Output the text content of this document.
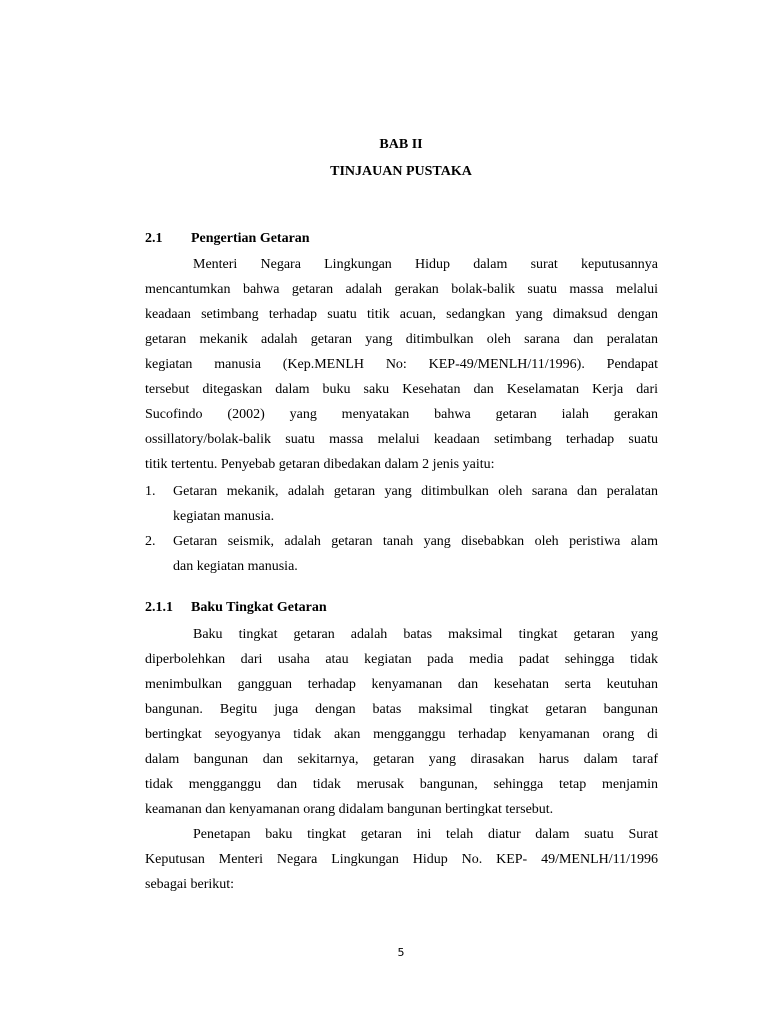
BAB II
TINJAUAN PUSTAKA
2.1 Pengertian Getaran
Menteri Negara Lingkungan Hidup dalam surat keputusannya
mencantumkan bahwa getaran adalah gerakan bolak-balik suatu massa melalui
keadaan setimbang terhadap suatu titik acuan, sedangkan yang dimaksud dengan
getaran mekanik adalah getaran yang ditimbulkan oleh sarana dan peralatan
kegiatan manusia (Kep.MENLH No: KEP-49/MENLH/11/1996). Pendapat
tersebut ditegaskan dalam buku saku Kesehatan dan Keselamatan Kerja dari
Sucofindo (2002) yang menyatakan bahwa getaran ialah gerakan
ossillatory/bolak-balik suatu massa melalui keadaan setimbang terhadap suatu
titik tertentu. Penyebab getaran dibedakan dalam 2 jenis yaitu:
1. Getaran mekanik, adalah getaran yang ditimbulkan oleh sarana dan peralatan
kegiatan manusia.
2. Getaran seismik, adalah getaran tanah yang disebabkan oleh peristiwa alam
dan kegiatan manusia.
2.1.1 Baku Tingkat Getaran
Baku tingkat getaran adalah batas maksimal tingkat getaran yang
diperbolehkan dari usaha atau kegiatan pada media padat sehingga tidak
menimbulkan gangguan terhadap kenyamanan dan kesehatan serta keutuhan
bangunan. Begitu juga dengan batas maksimal tingkat getaran bangunan
bertingkat seyogyanya tidak akan mengganggu terhadap kenyamanan orang di
dalam bangunan dan sekitarnya, getaran yang dirasakan harus dalam taraf
tidak mengganggu dan tidak merusak bangunan, sehingga tetap menjamin
keamanan dan kenyamanan orang didalam bangunan bertingkat tersebut.
Penetapan baku tingkat getaran ini telah diatur dalam suatu Surat
Keputusan Menteri Negara Lingkungan Hidup No. KEP- 49/MENLH/11/1996
sebagai berikut:
5
